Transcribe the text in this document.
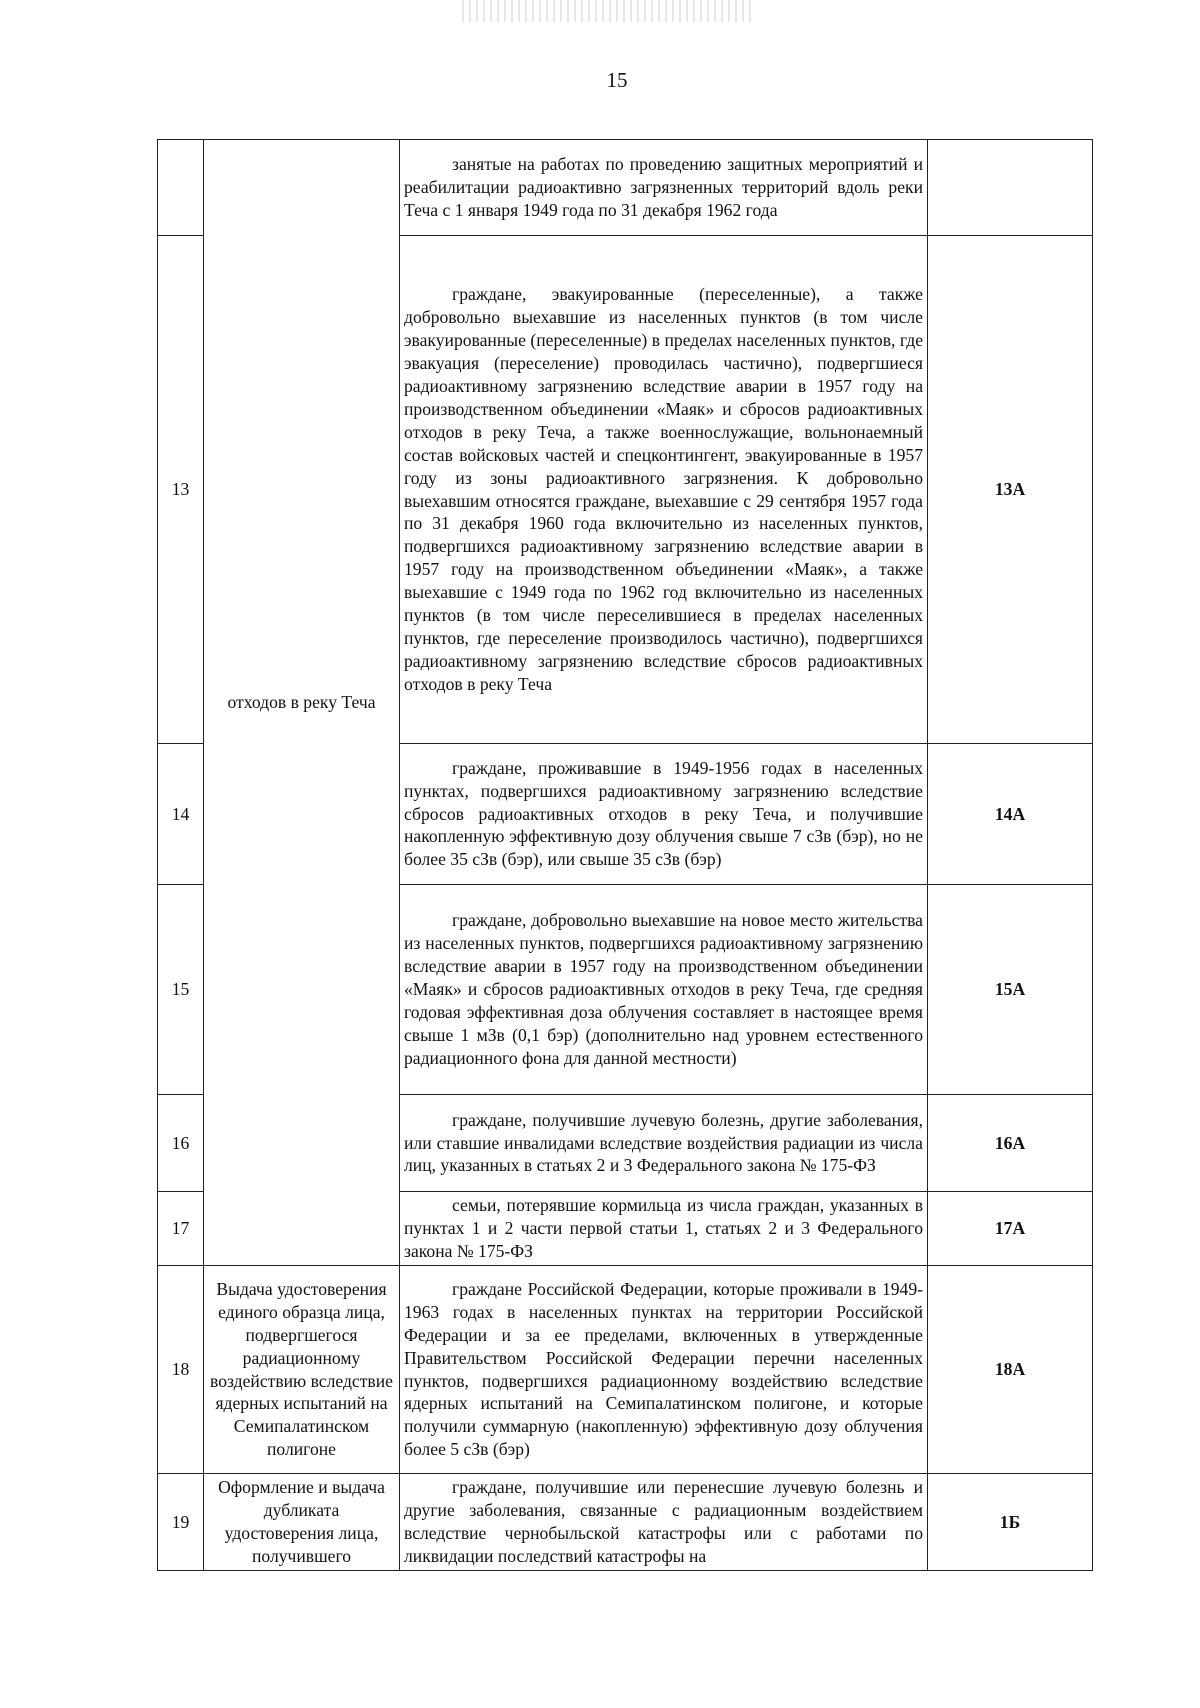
15
	отходов в реку Теча	занятые на работах по проведению защитных мероприятий и реабилитации радиоактивно загрязненных территорий вдоль реки Теча с 1 января 1949 года по 31 декабря 1962 года	

13		граждане, эвакуированные (переселенные), а также добровольно выехавшие из населенных пунктов (в том числе эвакуированные (переселенные) в пределах населенных пунктов, где эвакуация (переселение) проводилась частично), подвергшиеся радиоактивному загрязнению вследствие аварии в 1957 году на производственном объединении «Маяк» и сбросов радиоактивных отходов в реку Теча, а также военнослужащие, вольнонаемный состав войсковых частей и спецконтингент, эвакуированные в 1957 году из зоны радиоактивного загрязнения. К добровольно выехавшим относятся граждане, выехавшие с 29 сентября 1957 года по 31 декабря 1960 года включительно из населенных пунктов, подвергшихся радиоактивному загрязнению вследствие аварии в 1957 году на производственном объединении «Маяк», а также выехавшие с 1949 года по 1962 год включительно из населенных пунктов (в том числе переселившиеся в пределах населенных пунктов, где переселение производилось частично), подвергшихся радиоактивному загрязнению вследствие сбросов радиоактивных отходов в реку Теча	13А
14		граждане, проживавшие в 1949-1956 годах в населенных пунктах, подвергшихся радиоактивному загрязнению вследствие сбросов радиоактивных отходов в реку Теча, и получившие накопленную эффективную дозу облучения свыше 7 сЗв (бэр), но не более 35 сЗв (бэр), или свыше 35 сЗв (бэр)	14А
15		граждане, добровольно выехавшие на новое место жительства из населенных пунктов, подвергшихся радиоактивному загрязнению вследствие аварии в 1957 году на производственном объединении «Маяк» и сбросов радиоактивных отходов в реку Теча, где средняя годовая эффективная доза облучения составляет в настоящее время свыше 1 мЗв (0,1 бэр) (дополнительно над уровнем естественного радиационного фона для данной местности)	15А
16		граждане, получившие лучевую болезнь, другие заболевания, или ставшие инвалидами вследствие воздействия радиации из числа лиц, указанных в статьях 2 и 3 Федерального закона № 175-ФЗ	16А
17		семьи, потерявшие кормильца из числа граждан, указанных в пунктах 1 и 2 части первой статьи 1, статьях 2 и 3 Федерального закона № 175-ФЗ	17А
18	Выдача удостоверения единого образца лица, подвергшегося радиационному воздействию вследствие ядерных испытаний на Семипалатинском полигоне	граждане Российской Федерации, которые проживали в 1949-1963 годах в населенных пунктах на территории Российской Федерации и за ее пределами, включенных в утвержденные Правительством Российской Федерации перечни населенных пунктов, подвергшихся радиационному воздействию вследствие ядерных испытаний на Семипалатинском полигоне, и которые получили суммарную (накопленную) эффективную дозу облучения более 5 сЗв (бэр)	18А
19	Оформление и выдача дубликата удостоверения лица, получившего	граждане, получившие или перенесшие лучевую болезнь и другие заболевания, связанные с радиационным воздействием вследствие чернобыльской катастрофы или с работами по ликвидации последствий катастрофы на	1Б
